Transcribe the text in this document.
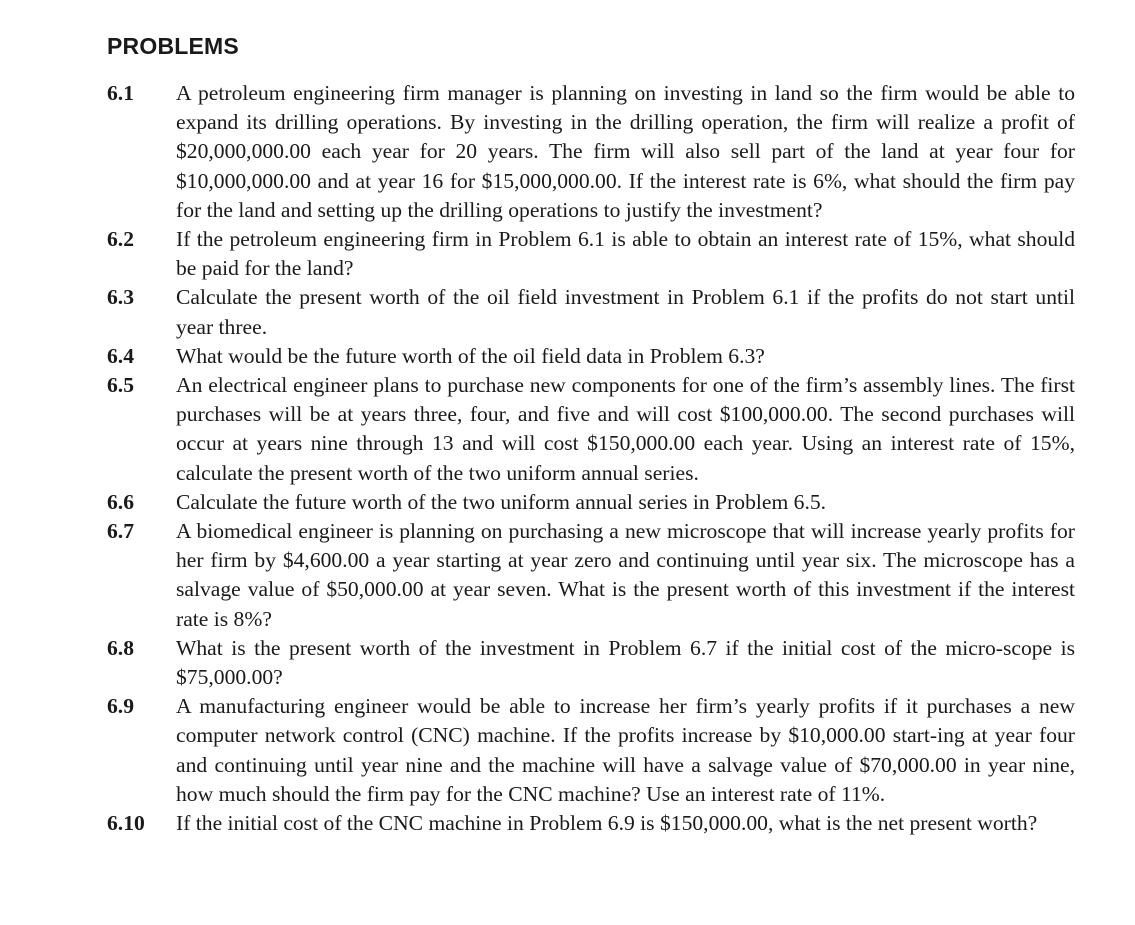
PROBLEMS
6.1	A petroleum engineering firm manager is planning on investing in land so the firm would be able to expand its drilling operations. By investing in the drilling operation, the firm will realize a profit of $20,000,000.00 each year for 20 years. The firm will also sell part of the land at year four for $10,000,000.00 and at year 16 for $15,000,000.00. If the interest rate is 6%, what should the firm pay for the land and setting up the drilling operations to justify the investment?
6.2	If the petroleum engineering firm in Problem 6.1 is able to obtain an interest rate of 15%, what should be paid for the land?
6.3	Calculate the present worth of the oil field investment in Problem 6.1 if the profits do not start until year three.
6.4	What would be the future worth of the oil field data in Problem 6.3?
6.5	An electrical engineer plans to purchase new components for one of the firm’s assembly lines. The first purchases will be at years three, four, and five and will cost $100,000.00. The second purchases will occur at years nine through 13 and will cost $150,000.00 each year. Using an interest rate of 15%, calculate the present worth of the two uniform annual series.
6.6	Calculate the future worth of the two uniform annual series in Problem 6.5.
6.7	A biomedical engineer is planning on purchasing a new microscope that will increase yearly profits for her firm by $4,600.00 a year starting at year zero and continuing until year six. The microscope has a salvage value of $50,000.00 at year seven. What is the present worth of this investment if the interest rate is 8%?
6.8	What is the present worth of the investment in Problem 6.7 if the initial cost of the micro-scope is $75,000.00?
6.9	A manufacturing engineer would be able to increase her firm’s yearly profits if it purchases a new computer network control (CNC) machine. If the profits increase by $10,000.00 start-ing at year four and continuing until year nine and the machine will have a salvage value of $70,000.00 in year nine, how much should the firm pay for the CNC machine? Use an interest rate of 11%.
6.10	If the initial cost of the CNC machine in Problem 6.9 is $150,000.00, what is the net present worth?
